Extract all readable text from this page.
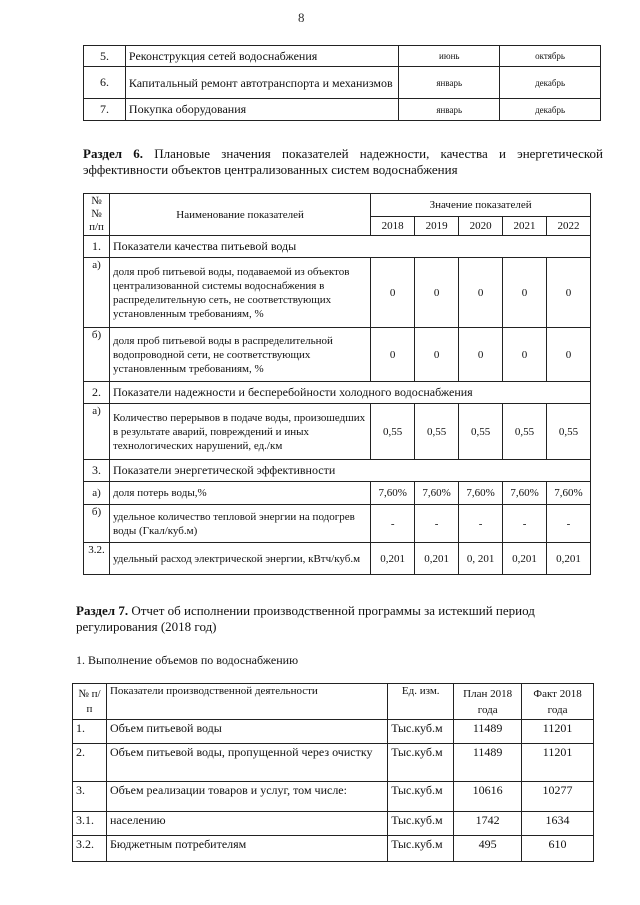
8
5.	Реконструкция сетей водоснабжения	июнь	октябрь
6.	Капитальный ремонт автотранспорта и механизмов	январь	декабрь
7.	Покупка оборудования	январь	декабрь
Раздел 6. Плановые значения показателей надежности, качества и энергетической эффективности объектов централизованных систем водоснабжения
№№ п/п	Наименование показателей	Значение показателей				
		2018	2019	2020	2021	2022
1.	Показатели качества питьевой воды					
а)	доля проб питьевой воды, подаваемой из объектов централизованной системы водоснабжения в распределительную сеть, не соответствующих установленным требованиям, %	0	0	0	0	0
б)	доля проб питьевой воды в распределительной водопроводной сети, не соответствующих установленным требованиям, %	0	0	0	0	0
2.	Показатели надежности и бесперебойности холодного водоснабжения					
а)	Количество перерывов в подаче воды, произошедших в результате аварий, повреждений и иных технологических нарушений, ед./км	0,55	0,55	0,55	0,55	0,55
3.	Показатели энергетической эффективности					
а)	доля потерь воды,%	7,60%	7,60%	7,60%	7,60%	7,60%
б)	удельное количество тепловой энергии на подогрев воды (Гкал/куб.м)	-	-	-	-	-
3.2.	удельный расход электрической энергии, кВтч/куб.м	0,201	0,201	0, 201	0,201	0,201
Раздел 7. Отчет об исполнении производственной программы за истекший период регулирования (2018 год)
1. Выполнение объемов по водоснабжению
№ п/п	Показатели производственной деятельности	Ед. изм.	План 2018 года	Факт 2018 года
1.	Объем питьевой воды	Тыс.куб.м	11489	11201
2.	Объем питьевой воды, пропущенной через очистку	Тыс.куб.м	11489	11201
3.	Объем реализации товаров и услуг, том числе:	Тыс.куб.м	10616	10277
3.1.	населению	Тыс.куб.м	1742	1634
3.2.	Бюджетным потребителям	Тыс.куб.м	495	610
